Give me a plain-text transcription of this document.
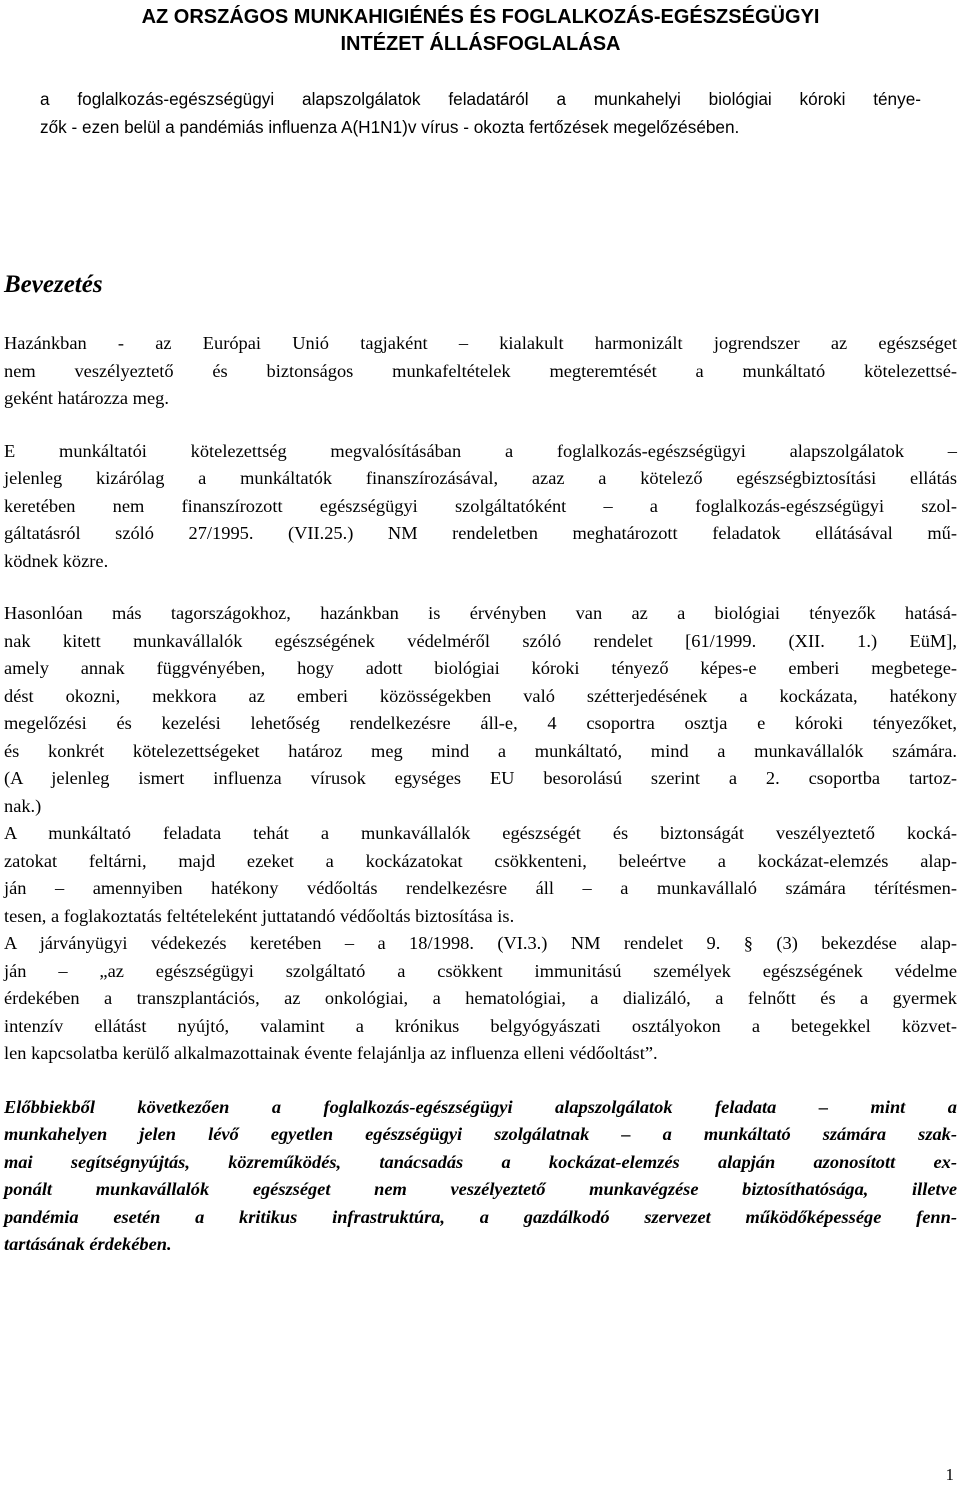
AZ ORSZÁGOS MUNKAHIGIÉNÉS ÉS FOGLALKOZÁS-EGÉSZSÉGÜGYI
INTÉZET ÁLLÁSFOGLALÁSA
a foglalkozás-egészségügyi alapszolgálatok feladatáról a munkahelyi biológiai kóroki ténye-
zők - ezen belül a pandémiás influenza A(H1N1)v vírus - okozta fertőzések megelőzésében.
Bevezetés
Hazánkban - az Európai Unió tagjaként – kialakult harmonizált jogrendszer az egészséget
nem veszélyeztető és biztonságos munkafeltételek megteremtését a munkáltató kötelezettsé-
geként határozza meg.
E munkáltatói kötelezettség megvalósításában a foglalkozás-egészségügyi alapszolgálatok –
jelenleg kizárólag a munkáltatók finanszírozásával, azaz a kötelező egészségbiztosítási ellátás
keretében nem finanszírozott egészségügyi szolgáltatóként – a foglalkozás-egészségügyi szol-
gáltatásról szóló 27/1995. (VII.25.) NM rendeletben meghatározott feladatok ellátásával mű-
ködnek közre.
Hasonlóan más tagországokhoz, hazánkban is érvényben van az a biológiai tényezők hatásá-
nak kitett munkavállalók egészségének védelméről szóló rendelet [61/1999. (XII. 1.) EüM],
amely annak függvényében, hogy adott biológiai kóroki tényező képes-e emberi megbetege-
dést okozni, mekkora az emberi közösségekben való szétterjedésének a kockázata, hatékony
megelőzési és kezelési lehetőség rendelkezésre áll-e, 4 csoportra osztja e kóroki tényezőket,
és konkrét kötelezettségeket határoz meg mind a munkáltató, mind a munkavállalók számára.
(A jelenleg ismert influenza vírusok egységes EU besorolású szerint a 2. csoportba tartoz-
nak.)
A munkáltató feladata tehát a munkavállalók egészségét és biztonságát veszélyeztető kocká-
zatokat feltárni, majd ezeket a kockázatokat csökkenteni, beleértve a kockázat-elemzés alap-
ján – amennyiben hatékony védőoltás rendelkezésre áll – a munkavállaló számára térítésmen-
tesen, a foglakoztatás feltételeként juttatandó védőoltás biztosítása is.
A járványügyi védekezés keretében – a 18/1998. (VI.3.) NM rendelet 9. § (3) bekezdése alap-
ján – „az egészségügyi szolgáltató a csökkent immunitású személyek egészségének védelme
érdekében a transzplantációs, az onkológiai, a hematológiai, a dializáló, a felnőtt és a gyermek
intenzív ellátást nyújtó, valamint a krónikus belgyógyászati osztályokon a betegekkel közvet-
len kapcsolatba kerülő alkalmazottainak évente felajánlja az influenza elleni védőoltást”.
Előbbiekből következően a foglalkozás-egészségügyi alapszolgálatok feladata – mint a
munkahelyen jelen lévő egyetlen egészségügyi szolgálatnak – a munkáltató számára szak-
mai segítségnyújtás, közreműködés, tanácsadás a kockázat-elemzés alapján azonosított ex-
ponált munkavállalók egészséget nem veszélyeztető munkavégzése biztosíthatósága, illetve
pandémia esetén a kritikus infrastruktúra, a gazdálkodó szervezet működőképessége fenn-
tartásának érdekében.
1
